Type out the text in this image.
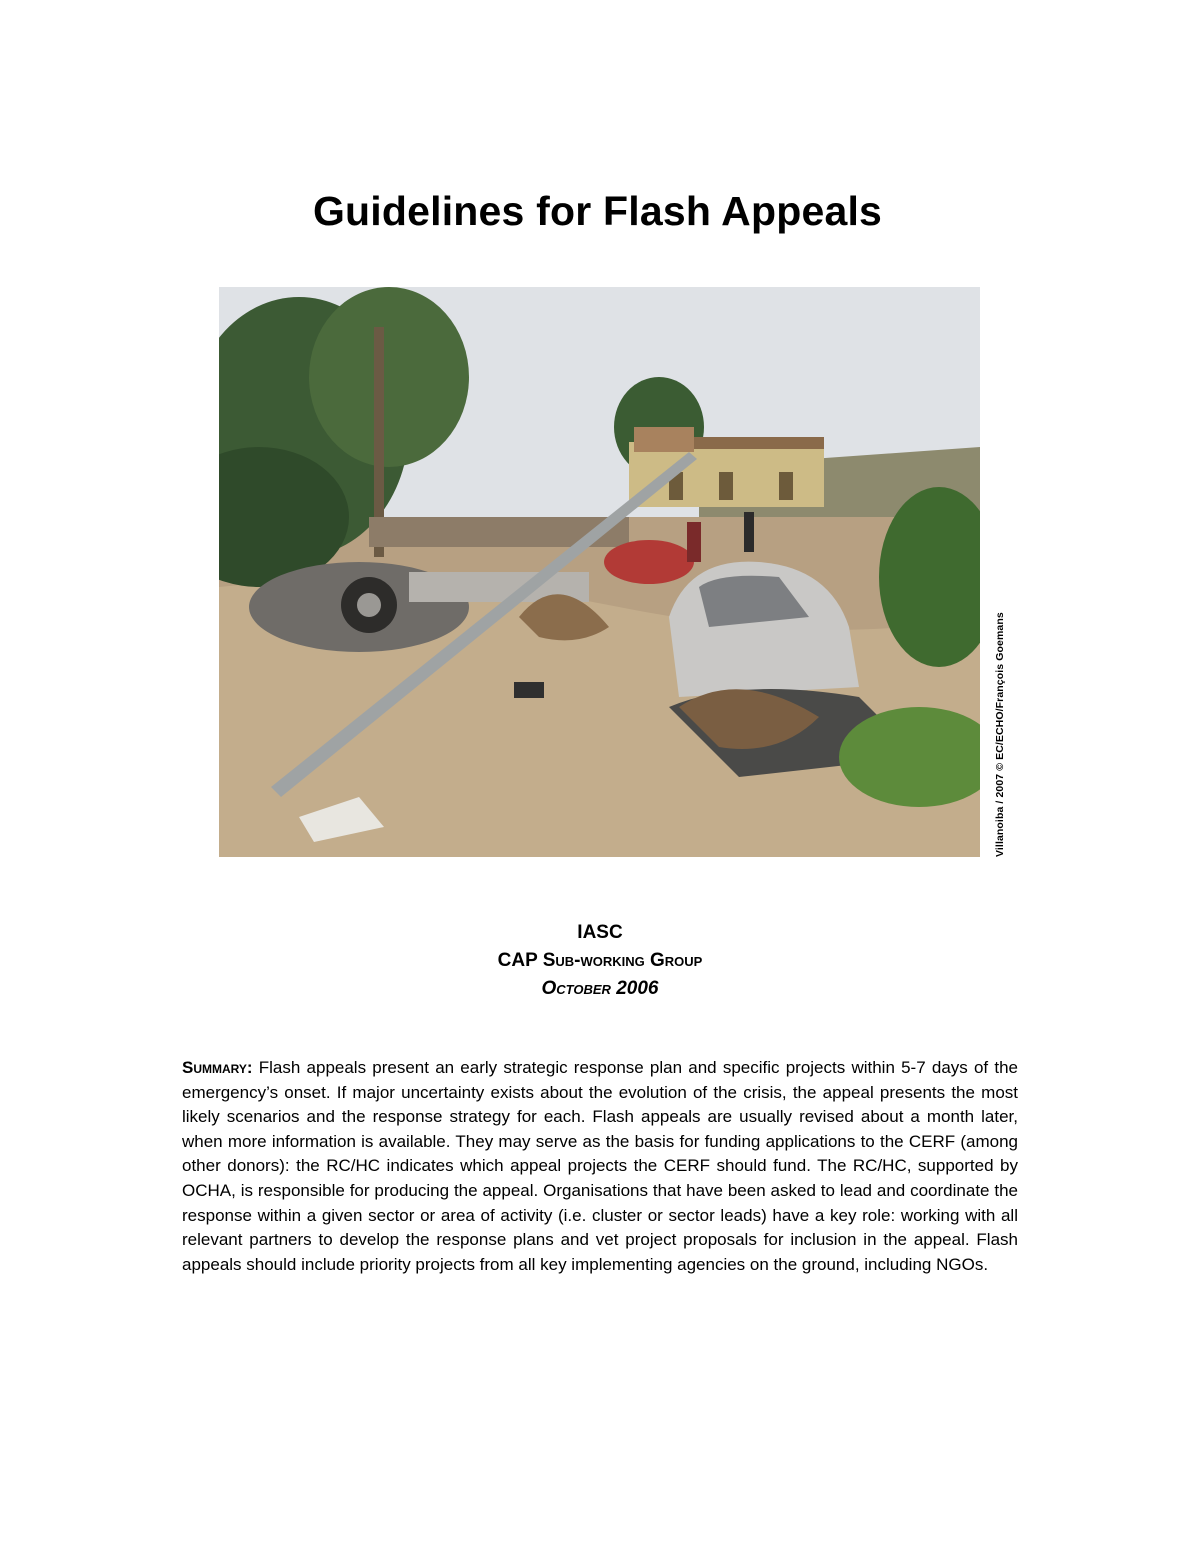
Guidelines for Flash Appeals
Villanoiba / 2007 © EC/ECHO/François Goemans
IASC
CAP Sub-working Group
October 2006
Summary: Flash appeals present an early strategic response plan and specific projects within 5-7 days of the emergency’s onset. If major uncertainty exists about the evolution of the crisis, the appeal presents the most likely scenarios and the response strategy for each. Flash appeals are usually revised about a month later, when more information is available. They may serve as the basis for funding applications to the CERF (among other donors): the RC/HC indicates which appeal projects the CERF should fund. The RC/HC, supported by OCHA, is responsible for producing the appeal. Organisations that have been asked to lead and coordinate the response within a given sector or area of activity (i.e. cluster or sector leads) have a key role: working with all relevant partners to develop the response plans and vet project proposals for inclusion in the appeal. Flash appeals should include priority projects from all key implementing agencies on the ground, including NGOs.
